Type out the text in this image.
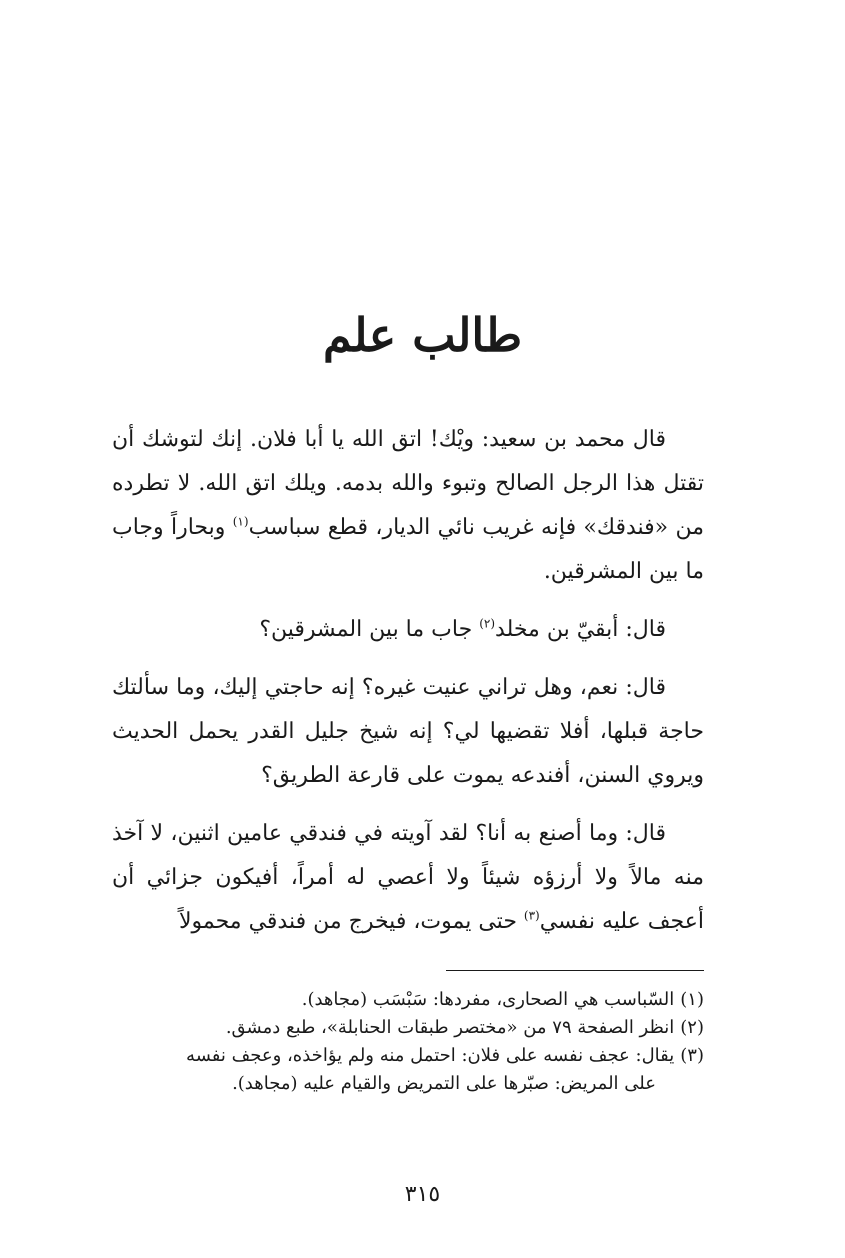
طالب علم

قال محمد بن سعيد: ويْك! اتق الله يا أبا فلان. إنك لتوشك أن تقتل هذا الرجل الصالح وتبوء والله بدمه. ويلك اتق الله. لا تطرده من «فندقك» فإنه غريب نائي الديار، قطع سباسب$^{(١)}$ وبحاراً وجاب ما بين المشرقين.

قال: أبقيّ بن مخلد$^{(٢)}$ جاب ما بين المشرقين؟

قال: نعم، وهل تراني عنيت غيره؟ إنه حاجتي إليك، وما سألتك حاجة قبلها، أفلا تقضيها لي؟ إنه شيخ جليل القدر يحمل الحديث ويروي السنن، أفندعه يموت على قارعة الطريق؟

قال: وما أصنع به أنا؟ لقد آويته في فندقي عامين اثنين، لا آخذ منه مالاً ولا أرزؤه شيئاً ولا أعصي له أمراً، أفيكون جزائي أن أعجف عليه نفسي$^{(٣)}$ حتى يموت، فيخرج من فندقي محمولاً

(١)السّباسب هي الصحارى، مفردها: سَبْسَب (مجاهد).

(٢)انظر الصفحة ٧٩ من «مختصر طبقات الحنابلة»، طبع دمشق.

(٣)يقال: عجف نفسه على فلان: احتمل منه ولم يؤاخذه، وعجف نفسه

على المريض: صبّرها على التمريض والقيام عليه (مجاهد).

٣١٥
